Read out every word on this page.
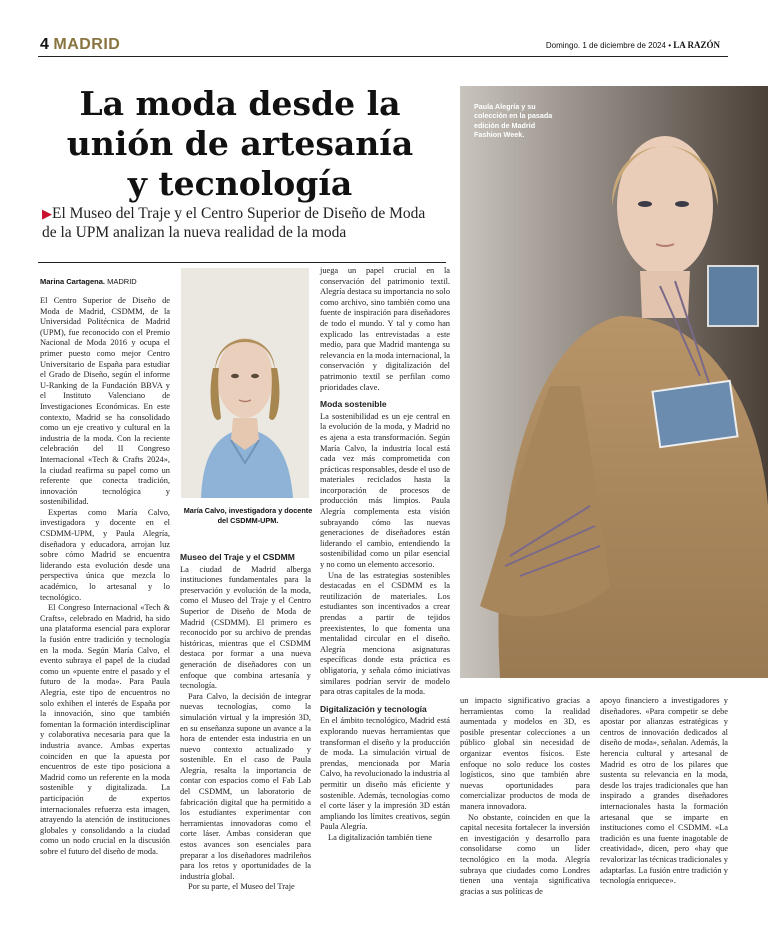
4 MADRID	Domingo. 1 de diciembre de 2024 • LA RAZÓN
La moda desde la
unión de artesanía
y tecnología
▶El Museo del Traje y el Centro Superior de Diseño de Moda de la UPM analizan la nueva realidad de la moda
Marina Cartagena. MADRID

El Centro Superior de Diseño de Moda de Madrid, CSDMM, de la Universidad Politécnica de Madrid (UPM), fue reconocido con el Premio Nacional de Moda 2016 y ocupa el primer puesto como mejor Centro Universitario de España para estudiar el Grado de Diseño, según el informe U-Ranking de la Fundación BBVA y el Instituto Valenciano de Investigaciones Económicas. En este contexto, Madrid se ha consolidado como un eje creativo y cultural en la industria de la moda. Con la reciente celebración del II Congreso Internacional «Tech & Crafts 2024», la ciudad reafirma su papel como un referente que conecta tradición, innovación tecnológica y sostenibilidad.

Expertas como María Calvo, investigadora y docente en el CSDMM-UPM, y Paula Alegría, diseñadora y educadora, arrojan luz sobre cómo Madrid se encuentra liderando esta evolución desde una perspectiva única que mezcla lo académico, lo artesanal y lo tecnológico.

El Congreso Internacional «Tech & Crafts», celebrado en Madrid, ha sido una plataforma esencial para explorar la fusión entre tradición y tecnología en la moda. Según María Calvo, el evento subraya el papel de la ciudad como un «puente entre el pasado y el futuro de la moda». Para Paula Alegría, este tipo de encuentros no solo exhiben el interés de España por la innovación, sino que también fomentan la formación interdisciplinar y colaborativa necesaria para que la industria avance. Ambas expertas coinciden en que la apuesta por encuentros de este tipo posiciona a Madrid como un referente en la moda sostenible y digitalizada. La participación de expertos internacionales refuerza esta imagen, atrayendo la atención de instituciones globales y consolidando a la ciudad como un nodo crucial en la discusión sobre el futuro del diseño de moda.

María Calvo, investigadora y docente del CSDMM-UPM.
Museo del Traje y el CSDMM

La ciudad de Madrid alberga instituciones fundamentales para la preservación y evolución de la moda, como el Museo del Traje y el Centro Superior de Diseño de Moda de Madrid (CSDMM). El primero es reconocido por su archivo de prendas históricas, mientras que el CSDMM destaca por formar a una nueva generación de diseñadores con un enfoque que combina artesanía y tecnología.

Para Calvo, la decisión de integrar nuevas tecnologías, como la simulación virtual y la impresión 3D, en su enseñanza supone un avance a la hora de entender esta industria en un nuevo contexto actualizado y sostenible. En el caso de Paula Alegría, resalta la importancia de contar con espacios como el Fab Lab del CSDMM, un laboratorio de fabricación digital que ha permitido a los estudiantes experimentar con herramientas innovadoras como el corte láser. Ambas consideran que estos avances son esenciales para preparar a los diseñadores madrileños para los retos y oportunidades de la industria global.

Por su parte, el Museo del Traje

juega un papel crucial en la conservación del patrimonio textil. Alegría destaca su importancia no solo como archivo, sino también como una fuente de inspiración para diseñadores de todo el mundo. Y tal y como han explicado las entrevistadas a este medio, para que Madrid mantenga su relevancia en la moda internacional, la conservación y digitalización del patrimonio textil se perfilan como prioridades clave.

Moda sostenible

La sostenibilidad es un eje central en la evolución de la moda, y Madrid no es ajena a esta transformación. Según María Calvo, la industria local está cada vez más comprometida con prácticas responsables, desde el uso de materiales reciclados hasta la incorporación de procesos de producción más limpios. Paula Alegría complementa esta visión subrayando cómo las nuevas generaciones de diseñadores están liderando el cambio, entendiendo la sostenibilidad como un pilar esencial y no como un elemento accesorio.

Una de las estrategias sostenibles destacadas en el CSDMM es la reutilización de materiales. Los estudiantes son incentivados a crear prendas a partir de tejidos preexistentes, lo que fomenta una mentalidad circular en el diseño. Alegría menciona asignaturas específicas donde esta práctica es obligatoria, y señala cómo iniciativas similares podrían servir de modelo para otras capitales de la moda.

Digitalización y tecnología

En el ámbito tecnológico, Madrid está explorando nuevas herramientas que transforman el diseño y la producción de moda. La simulación virtual de prendas, mencionada por María Calvo, ha revolucionado la industria al permitir un diseño más eficiente y sostenible. Además, tecnologías como el corte láser y la impresión 3D están ampliando los límites creativos, según Paula Alegría.

La digitalización también tiene

Paula Alegría y su colección en la pasada edición de Madrid Fashion Week.

un impacto significativo gracias a herramientas como la realidad aumentada y modelos en 3D, es posible presentar colecciones a un público global sin necesidad de organizar eventos físicos. Este enfoque no solo reduce los costes logísticos, sino que también abre nuevas oportunidades para comercializar productos de moda de manera innovadora.

No obstante, coinciden en que la capital necesita fortalecer la inversión en investigación y desarrollo para consolidarse como un líder tecnológico en la moda. Alegría subraya que ciudades como Londres tienen una ventaja significativa gracias a sus políticas de

apoyo financiero a investigadores y diseñadores. «Para competir se debe apostar por alianzas estratégicas y centros de innovación dedicados al diseño de moda», señalan. Además, la herencia cultural y artesanal de Madrid es otro de los pilares que sustenta su relevancia en la moda, desde los trajes tradicionales que han inspirado a grandes diseñadores internacionales hasta la formación artesanal que se imparte en instituciones como el CSDMM. «La tradición es una fuente inagotable de creatividad», dicen, pero «hay que revalorizar las técnicas tradicionales y adaptarlas. La fusión entre tradición y tecnología enriquece».
